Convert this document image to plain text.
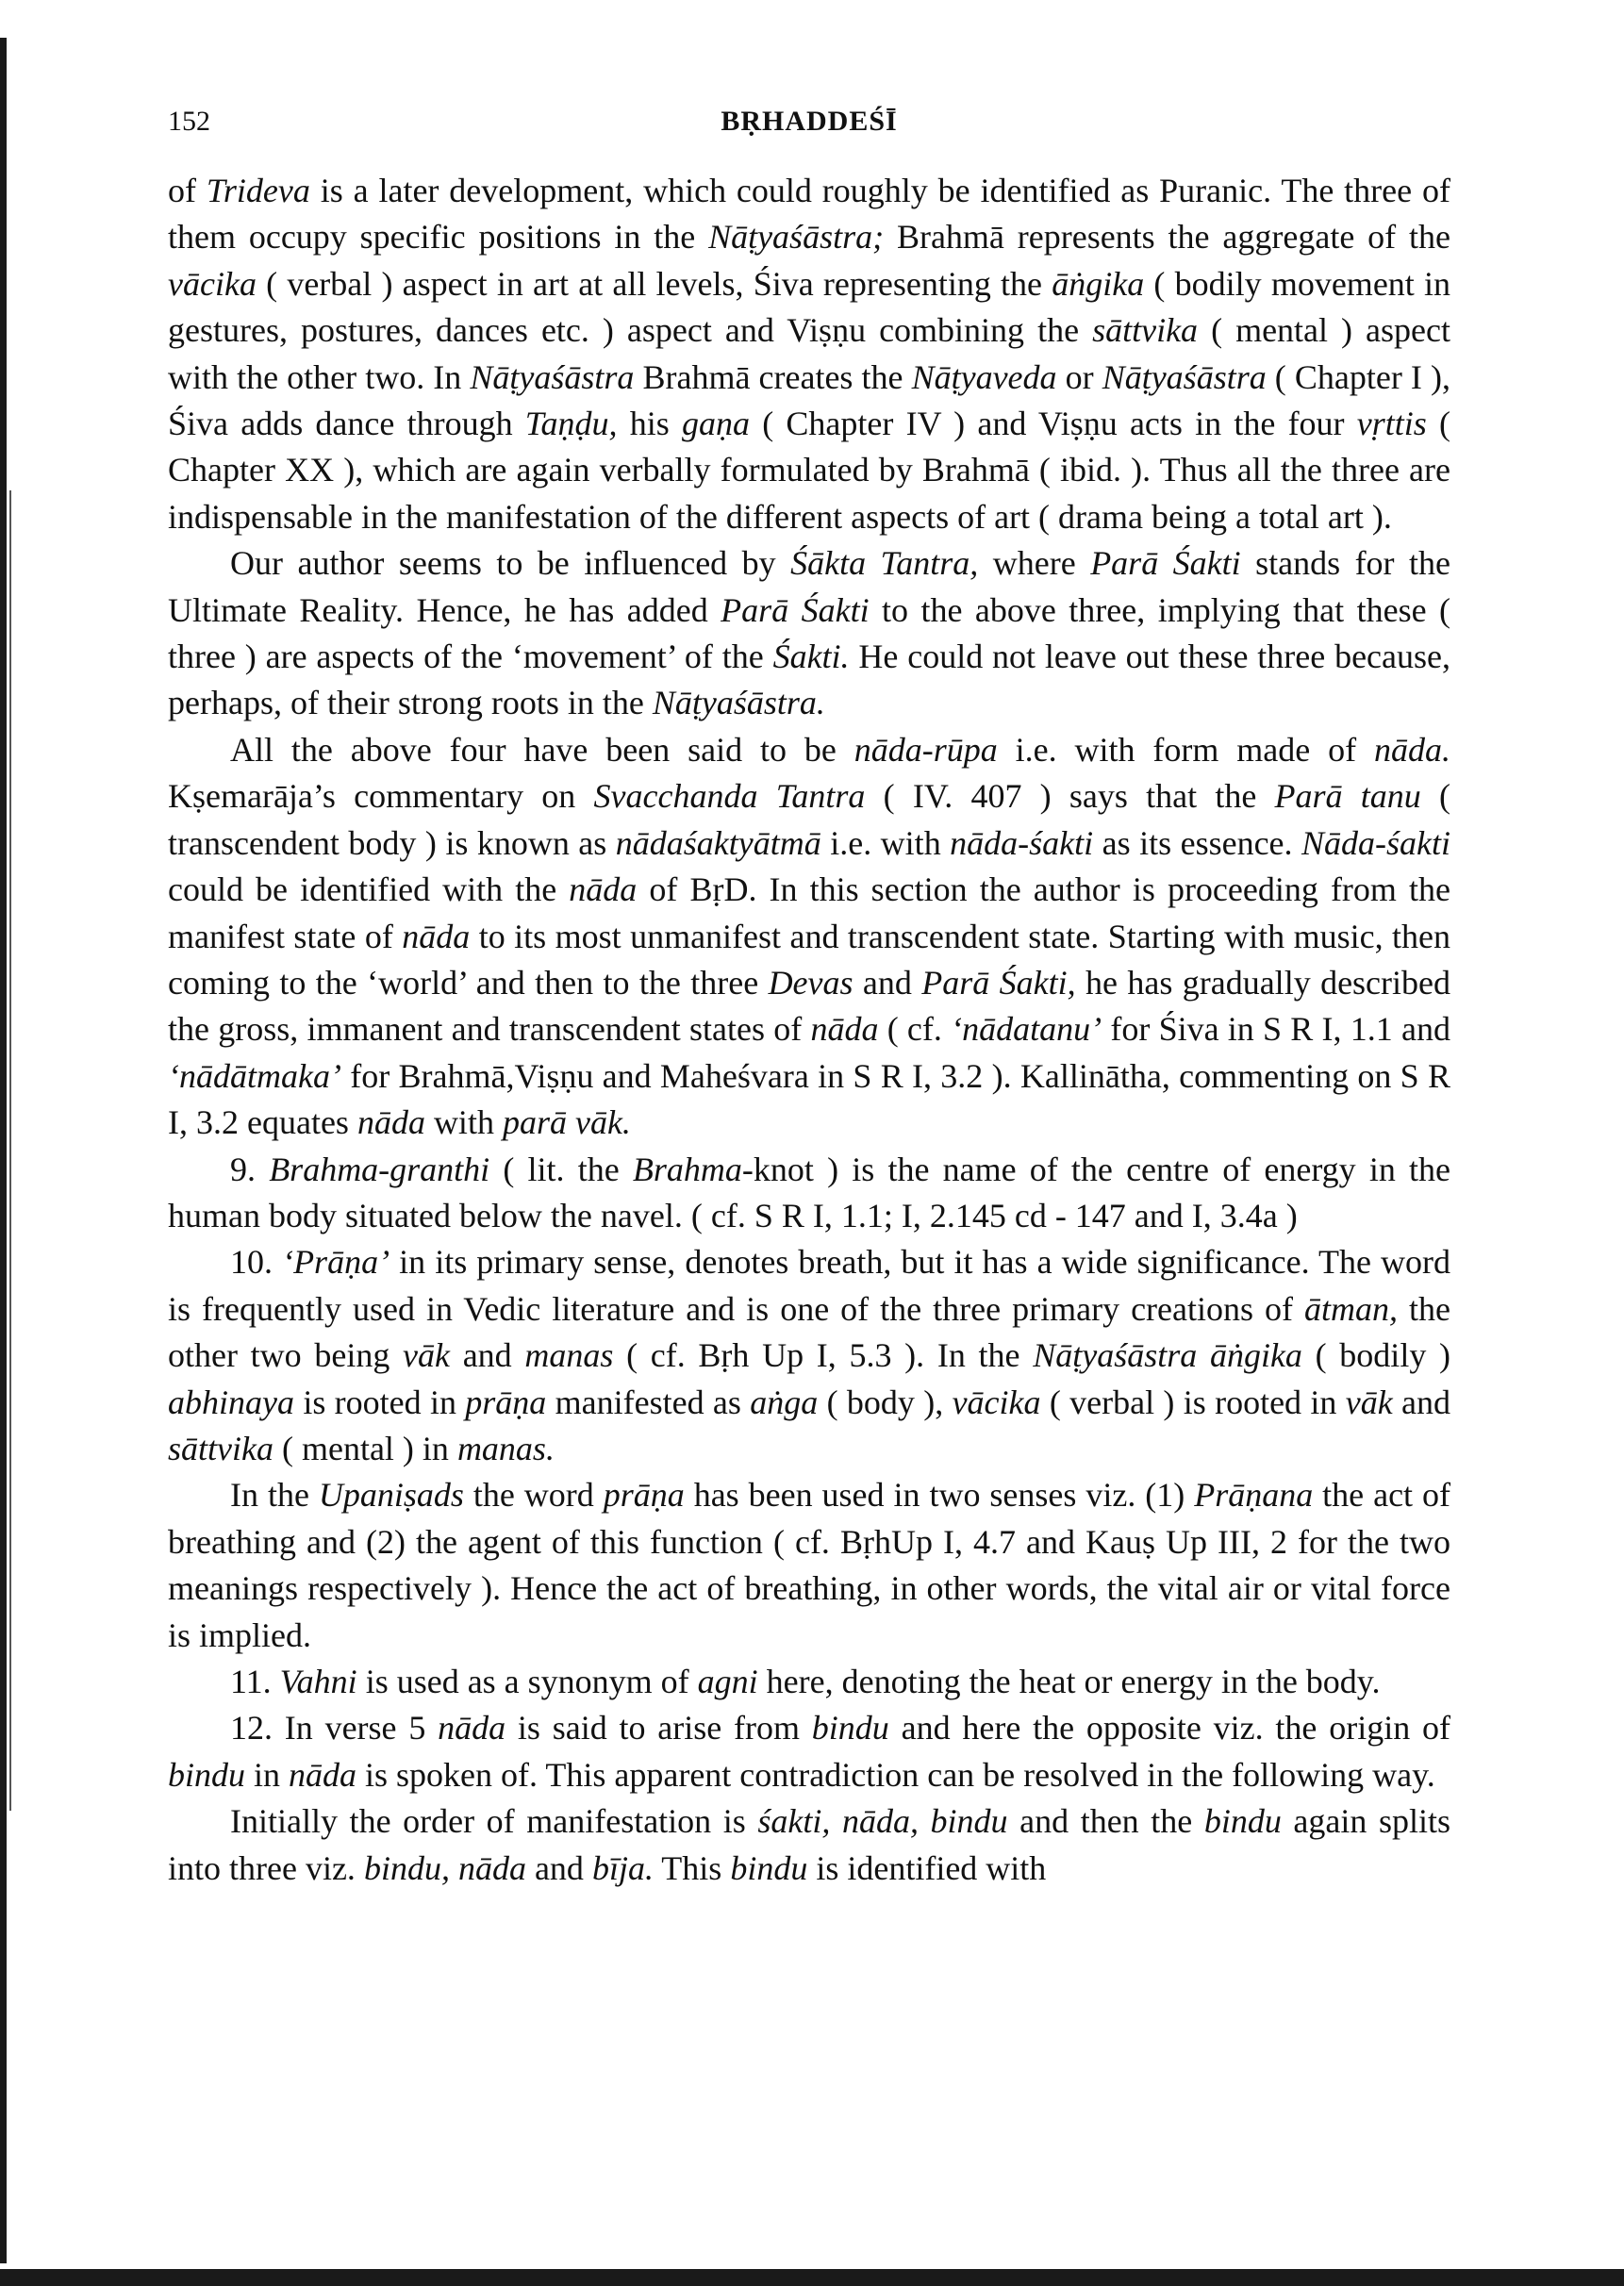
152	BṚHADDEŚĪ

of Trideva is a later development, which could roughly be identified as Puranic. The three of them occupy specific positions in the Nāṭyaśāstra; Brahmā represents the aggregate of the vācika ( verbal ) aspect in art at all levels, Śiva representing the āṅgika ( bodily movement in gestures, postures, dances etc. ) aspect and Viṣṇu combining the sāttvika ( mental ) aspect with the other two. In Nāṭyaśāstra Brahmā creates the Nāṭyaveda or Nāṭyaśāstra ( Chapter I ), Śiva adds dance through Taṇḍu, his gaṇa ( Chapter IV ) and Viṣṇu acts in the four vṛttis ( Chapter XX ), which are again verbally formulated by Brahmā ( ibid. ). Thus all the three are indispensable in the manifestation of the different aspects of art ( drama being a total art ).

Our author seems to be influenced by Śākta Tantra, where Parā Śakti stands for the Ultimate Reality. Hence, he has added Parā Śakti to the above three, implying that these ( three ) are aspects of the ‘movement’ of the Śakti. He could not leave out these three because, perhaps, of their strong roots in the Nāṭyaśāstra.

All the above four have been said to be nāda-rūpa i.e. with form made of nāda. Kṣemarāja’s commentary on Svacchanda Tantra ( IV. 407 ) says that the Parā tanu ( transcendent body ) is known as nādaśaktyātmā i.e. with nāda-śakti as its essence. Nāda-śakti could be identified with the nāda of BṛD. In this section the author is proceeding from the manifest state of nāda to its most unmanifest and transcendent state. Starting with music, then coming to the ‘world’ and then to the three Devas and Parā Śakti, he has gradually described the gross, immanent and transcendent states of nāda ( cf. ‘nādatanu’ for Śiva in S R I, 1.1 and ‘nādātmaka’ for Brahmā,Viṣṇu and Maheśvara in S R I, 3.2 ). Kallinātha, commenting on S R I, 3.2 equates nāda with parā vāk.

9. Brahma-granthi ( lit. the Brahma-knot ) is the name of the centre of energy in the human body situated below the navel. ( cf. S R I, 1.1; I, 2.145 cd - 147 and I, 3.4a )

10. ‘Prāṇa’ in its primary sense, denotes breath, but it has a wide significance. The word is frequently used in Vedic literature and is one of the three primary creations of ātman, the other two being vāk and manas ( cf. Bṛh Up I, 5.3 ). In the Nāṭyaśāstra āṅgika ( bodily ) abhinaya is rooted in prāṇa manifested as aṅga ( body ), vācika ( verbal ) is rooted in vāk and sāttvika ( mental ) in manas.

In the Upaniṣads the word prāṇa has been used in two senses viz. (1) Prāṇana the act of breathing and (2) the agent of this function ( cf. BṛhUp I, 4.7 and Kauṣ Up III, 2 for the two meanings respectively ). Hence the act of breathing, in other words, the vital air or vital force is implied.

11. Vahni is used as a synonym of agni here, denoting the heat or energy in the body.

12. In verse 5 nāda is said to arise from bindu and here the opposite viz. the origin of bindu in nāda is spoken of. This apparent contradiction can be resolved in the following way.

Initially the order of manifestation is śakti, nāda, bindu and then the bindu again splits into three viz. bindu, nāda and bīja. This bindu is identified with
